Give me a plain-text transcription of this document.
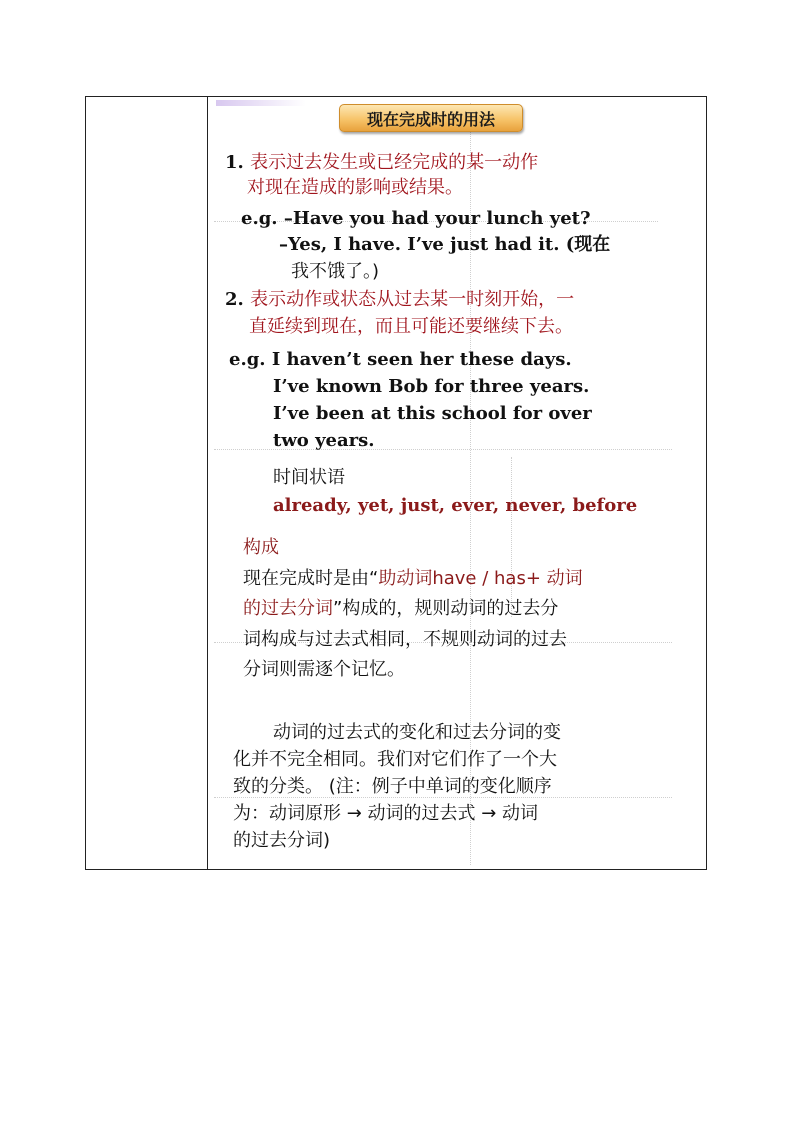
现在完成时的用法
1. 表示过去发生或已经完成的某一动作
对现在造成的影响或结果。
e.g. –Have you had your lunch yet?
–Yes, I have. I’ve just had it. (现在
我不饿了。)
2. 表示动作或状态从过去某一时刻开始，一
直延续到现在，而且可能还要继续下去。
e.g. I haven’t seen her these days.
I’ve known Bob for three years.
I’ve been at this school for over
two years.
时间状语
already, yet, just, ever, never, before
构成
现在完成时是由“助动词have / has+ 动词
的过去分词”构成的，规则动词的过去分
词构成与过去式相同，不规则动词的过去
分词则需逐个记忆。
动词的过去式的变化和过去分词的变
化并不完全相同。我们对它们作了一个大
致的分类。 (注：例子中单词的变化顺序
为：动词原形 → 动词的过去式 → 动词
的过去分词)
